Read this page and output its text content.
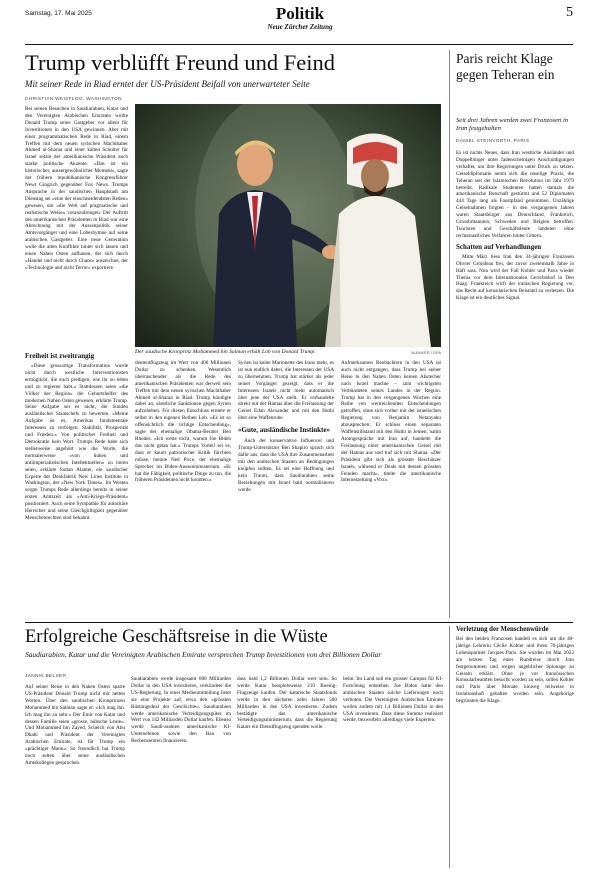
Samstag, 17. Mai 2025	Politik
Neue Zürcher Zeitung
5
Trump verblüfft Freund und Feind
Mit seiner Rede in Riad erntet der US-Präsident Beifall von unerwarteter Seite
CHRISTIAN WEISFLOG, WASHINGTON
Der saudische Kronprinz Mohammed bin Salman erhält Lob von Donald Trump.	ALBAKER / DPA

Bei seinen Besuchen in Saudiarabien, Katar und den Vereinigten Arabischen Emiraten wollte Donald Trump seine Gastgeber vor allem für Investitionen in den USA gewinnen. Aber mit einer programmatischen Rede in Riad, einem Treffen mit dem neuen syrischen Machthaber Ahmed al-Sharaa und einer kalten Schulter für Israel setzte der amerikanische Präsident auch starke politische Akzente. «Das ist ein historischer, aussergewöhnlicher Moment», sagte der frühere republikanische Kongressführer Newt Gingrich gegenüber Fox News. Trumps Ansprache in der saudischen Hauptstadt am Dienstag sei «eine der einschneidendsten Reden» gewesen, um «die Welt auf pragmatische und realistische Weise» voranzubringen. Der Auftritt des amerikanischen Präsidenten in Riad war eine Abrechnung mit der Aussenpolitik seiner Amtsvorgänger und eine Lobeshymne auf seine arabischen Gastgeber. Eine neue Generation wolle die alten Konflikte hinter sich lassen und einen Nahen Osten aufbauen, der sich durch «Handel und nicht durch Chaos» auszeichne, der «Technologie und nicht Terror» exportiere.

Freiheit ist zweitrangig

«Diese grossartige Transformation wurde nicht durch westliche Interventionisten ermöglicht, die euch predigen, wie ihr zu leben und zu regieren habt.» Stattdessen seien «die Völker der Region» die Geburtshelfer des modernen Nahen Osten gewesen, erklärte Trump. Seine Aufgabe sei es nicht, die Sünden ausländischer Staatschefs zu bewerten. «Meine Aufgabe ist es, Amerikas fundamentale Interessen zu verfolgen: Stabilität, Prosperität und Frieden.» Von politischer Freiheit und Demokratie kein Wort. Trumps Rede habe sich stellenweise angehört wie die Worte, die normalerweise «von linken und antiimperialistischen Intellektuellen» zu hören seien, erklärte Sultan Alamer, ein saudischer Experte der Denkfabrik New Lines Institute in Washington, der «New York Times». Im Westen sorgte Trumps Rede allerdings bereits in seiner ersten Amtszeit als «Anti-Kriegs-Präsident» positioniert. Auch seine Sympathie für autoritäre Herrscher und seine Gleichgültigkeit gegenüber Menschenrechten sind bekannt.

dententflugzeug im Wert von 400 Millionen Dollar zu schenken. Wesentlich überraschender als die Rede des amerikanischen Präsidenten war derweil sein Treffen mit dem neuen syrischen Machthaber Ahmed al-Sharaa in Riad. Trump kündigte dabei an, sämtliche Sanktionen gegen Syrien aufzuheben. Für diesen Entschluss erntete er selbst in den eigenen Reihen Lob. «Es ist so offensichtlich die richtige Entscheidung», sagte der ehemalige Obama-Berater Ben Rhodes. «Ich wette nicht, warum Joe Biden das nicht getan hat.» Trumps Vorteil sei es, dass er kaum patriotischer Kritik fürchten müsse, meinte Ned Price, der ehemalige Sprecher im Biden-Aussenministerium. «Er hat die Fähigkeit, politische Dinge zu tun, die früheren Präsidenten nicht konnten.»

Syrien ist keine Marionette des Irans mehr, es ist nun endlich dabei, die Interessen der USA zu übernehmen. Trump hat stärker als jeder seiner Vorgänger gezeigt, dass er die Interessen Israels nicht mehr automatisch über jene der USA stellt. Er verhandelte direkt mit der Hamas über die Freilassung der Geisel Edan Alexander und mit den Huthi über eine Waffenruhe.

«Gute, ausländische Instinkte»

Auch der konservative Influencer und Trump-Unterstützer Ben Shapiro sprach sich dafür aus, dass die USA ihre Zusammenarbeit mit den arabischen Staaten an Bedingungen knüpfen sollten. Es sei eine Hoffnung und kein Traum, dass Saudiarabien seine Beziehungen mit Israel bald normalisieren werde.

Aufmerksamen Beobachtern in den USA ist auch nicht entgangen, dass Trump bei seiner Reise in den Nahen Osten keinen Abstecher nach Israel machte – zum wichtigsten Verbündeten seines Landes in der Region. Trump hat in den vergangenen Wochen eine Reihe von weitreichenden Entscheidungen getroffen, ohne sich vorher mit der israelischen Regierung von Benjamin Netanyahu abzusprechen: Er schloss einen separaten Waffenstillstand mit den Huthi in Jemen, nahm Atomgespräche mit Iran auf, handelte die Freilassung einer amerikanischen Geisel mit der Hamas aus und traf sich mit Sharaa. «Der Präsident gibt sich als grösster Beschützer Israels, während er Deals mit dessen grössten Feinden macht», titelte die amerikanische Internetzeitung «Vox».

Paris reicht Klage gegen Teheran ein
Seit drei Jahren werden zwei Franzosen in Iran festgehalten
DANIEL STEINVORTH, PARIS

Es ist nichts Neues, dass Iran westliche Ausländer und Doppelbürger unter fadenscheinigen Anschuldigungen verhaftet, um ihre Regierungen unter Druck zu setzen. Geiseldiplomatie nennt sich die unselige Praxis, die Teheran seit der Islamischen Revolution im Jahr 1979 betreibt. Radikale Studenten hatten damals die amerikanische Botschaft gestürmt und 52 Diplomaten 444 Tage lang als Faustpfand genommen. Unzählige Geiselnahmen folgten – in den vergangenen Jahren waren Staatsbürger aus Deutschland, Frankreich, Grossbritannien, Schweden und Belgien betroffen. Touristen und Geschäftsleute landeten ohne rechtsstaatliches Verfahren hinter Gittern.

Schatten auf Verhandlungen

Mitte März liess Iran den 34-jährigen Franzosen Olivier Grondeau frei, der zuvor zweieinhalb Jahre in Haft sass. Nun wird der Fall Kohler und Paris wieder Thema vor dem Internationalen Gerichtshof in Den Haag. Frankreich wirft der iranischen Regierung vor, das Recht auf konsularischen Beistand zu verletzen. Die Klage ist ein deutliches Signal.

Erfolgreiche Geschäftsreise in die Wüste
Saudiarabien, Katar und die Vereinigten Arabischen Emirate versprechen Trump Investitionen von drei Billionen Dollar
JANNIK BELSER

Auf seiner Reise in den Nahen Osten sparte US-Präsident Donald Trump nicht mit netten Worten. Über den saudischen Kronprinzen Mohammed bin Salman sagte er: «Ich mag ihn. Ich mag ihn zu sehr.» Der Emir von Katar und dessen Familie seien «grosse, hübsche Leute». Und Mohammed bin Zayed, Scheich von Abu Dhabi und Präsident der Vereinigten Arabischen Emirate, ist für Trump ein «prächtiger Mann». So freundlich hat Trump noch selten über seine ausländischen Amtskollegen gesprochen.

Saudiarabien werde insgesamt 600 Milliarden Dollar in den USA investieren, verkündete die US-Regierung. In einer Medienmitteilung listet sie eine Projekte auf, etwa den «grössten Rüstungsdeal der Geschichte». Saudiarabien werde amerikanische Verteidigungsgüter im Wert von 142 Milliarden Dollar kaufen. Ebenso werde Saudi-arabien amerikanische KI-Unternehmen sowie den Bau von Rechenzentren finanzieren.

dass bald 1,2 Billionen Dollar wert sein. So werde Katar beispielsweise 210 Boeing-Flugzeuge kaufen. Der katarische Staatsfonds werde in den nächsten zehn Jahren 500 Milliarden in den USA investieren. Zudem bestätigte das amerikanische Verteidigungsministerium, dass die Regierung Katars ein Dienstflugzeug spenden wolle.

beim. Im Land soll ein grosser Campus für KI-Forschung entstehen. Joe Biden hatte den arabischen Staaten solche Lieferungen noch verboten. Die Vereinigten Arabischen Emirate wollen zudem mit 1,4 Billionen Dollar in den USA investieren. Dass diese Summe realisiert werde, bezweifeln allerdings viele Experten.

Verletzung der Menschenwürde

Bei den beiden Franzosen handelt es sich um die 40-jährige Lehrerin Cécile Kohler und ihren 70-jährigen Lebenspartner Jacques Paris. Sie wurden im Mai 2022 am letzten Tag einer Rundreise durch Iran festgenommen und wegen angeblicher Spionage zu Geiseln erklärt. Ohne je vor französischen Konsularbeamten besucht worden zu sein, sollen Kohler und Paris über Monate hinweg teilweise in Isolationshaft gehalten worden sein. Angehörige begrüssten die Klage.
